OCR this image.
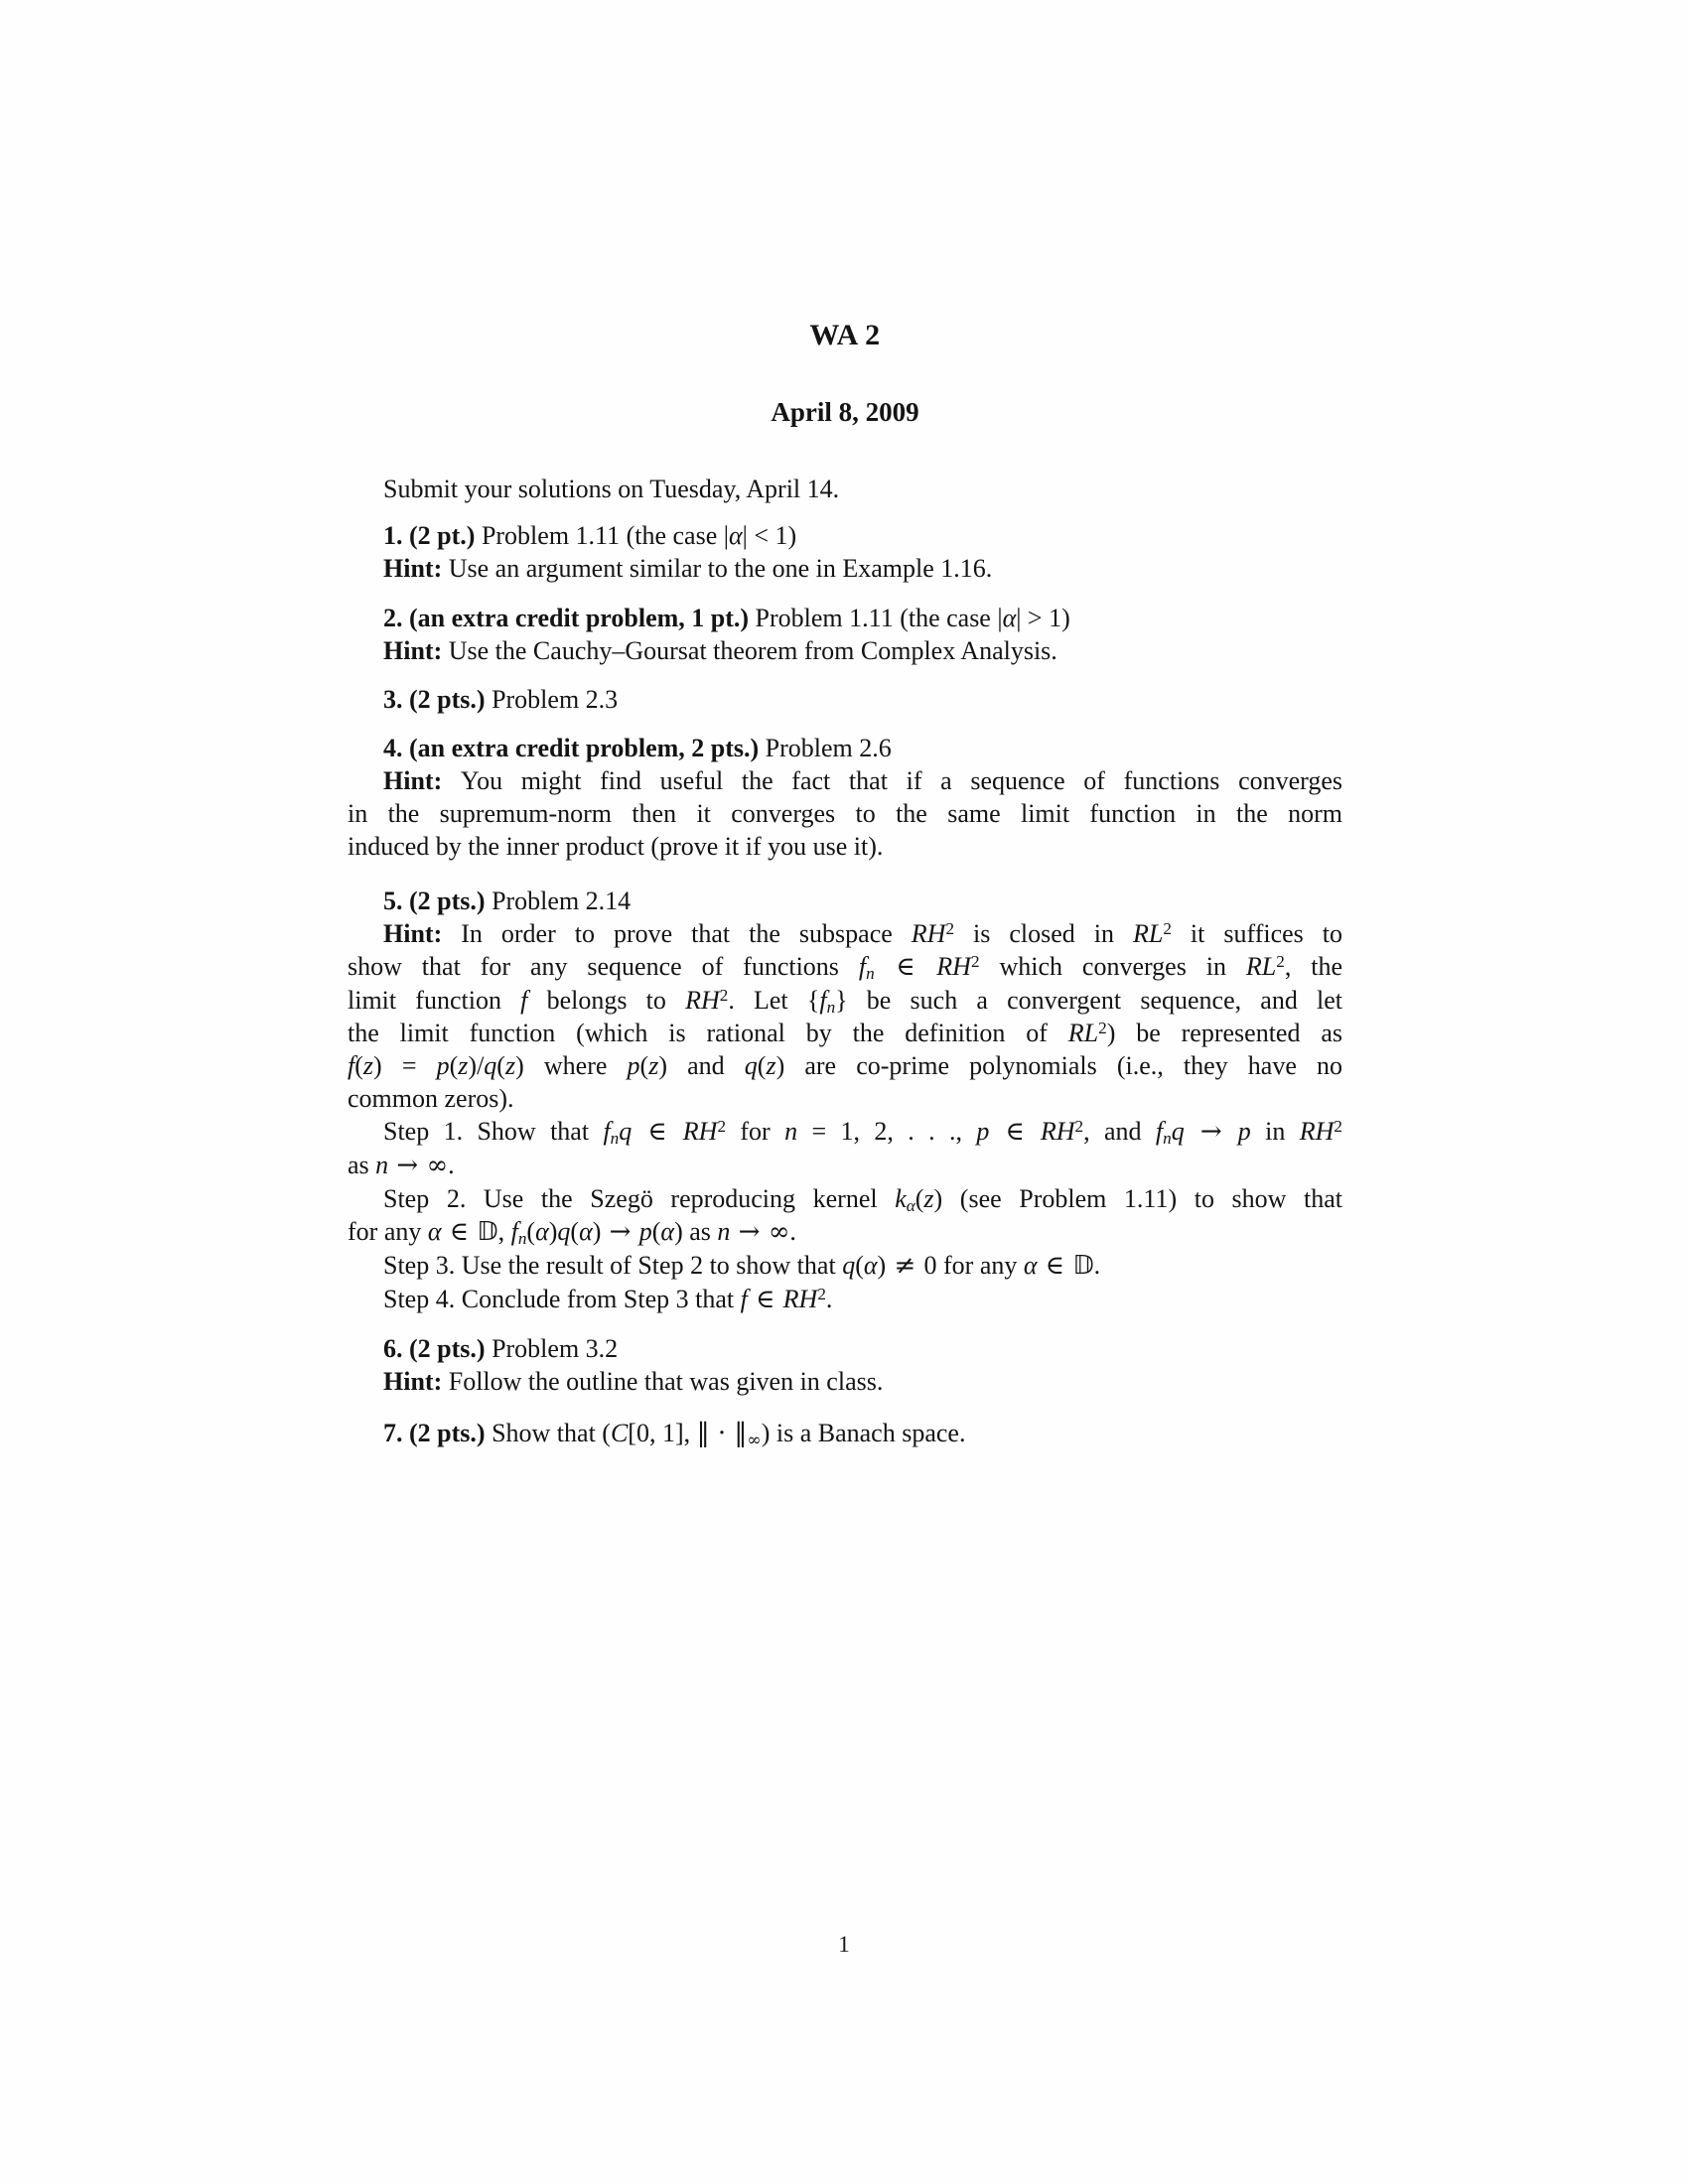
WA 2
April 8, 2009
Submit your solutions on Tuesday, April 14.
1. (2 pt.) Problem 1.11 (the case |α| < 1)
Hint: Use an argument similar to the one in Example 1.16.
2. (an extra credit problem, 1 pt.) Problem 1.11 (the case |α| > 1)
Hint: Use the Cauchy–Goursat theorem from Complex Analysis.
3. (2 pts.) Problem 2.3
4. (an extra credit problem, 2 pts.) Problem 2.6
Hint: You might find useful the fact that if a sequence of functions converges
in the supremum-norm then it converges to the same limit function in the norm
induced by the inner product (prove it if you use it).
5. (2 pts.) Problem 2.14
Hint: In order to prove that the subspace $RH^2$ is closed in $RL^2$ it suffices to
show that for any sequence of functions fn ∈ $RH^2$ which converges in $RL^2$, the
limit function f belongs to $RH^2$. Let {fn} be such a convergent sequence, and let
the limit function (which is rational by the definition of $RL^2$) be represented as
f(z) = p(z)/q(z) where p(z) and q(z) are co-prime polynomials (i.e., they have no
common zeros).
Step 1. Show that fnq ∈ $RH^2$ for n = 1, 2, . . ., p ∈ $RH^2$, and fnq → p in $RH^2$
as n → ∞.
Step 2. Use the Szegö reproducing kernel kα(z) (see Problem 1.11) to show that
for any α ∈ 𝔻, fn(α)q(α) → p(α) as n → ∞.
Step 3. Use the result of Step 2 to show that q(α) ≠ 0 for any α ∈ 𝔻.
Step 4. Conclude from Step 3 that f ∈ $RH^2$.
6. (2 pts.) Problem 3.2
Hint: Follow the outline that was given in class.
7. (2 pts.) Show that (C[0, 1], ‖ · ‖∞) is a Banach space.
1
